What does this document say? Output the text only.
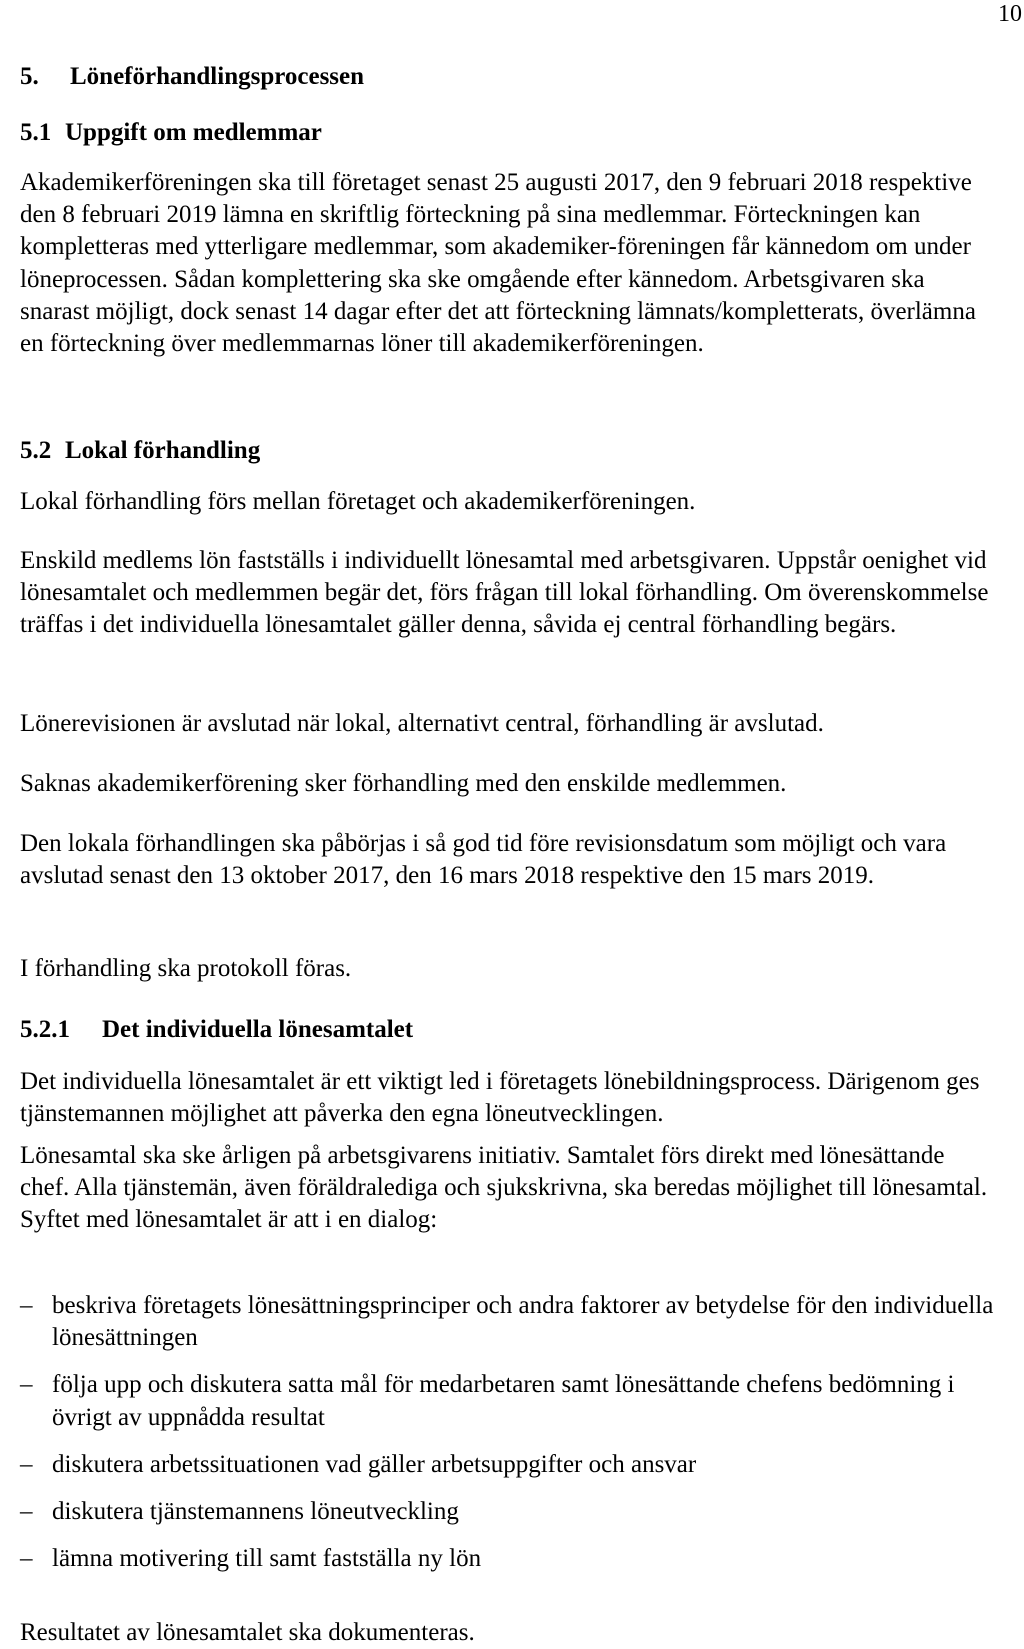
10
5.	Löneförhandlingsprocessen
5.1 Uppgift om medlemmar

Akademikerföreningen ska till företaget senast 25 augusti 2017, den 9 februari 2018 respektive den 8 februari 2019 lämna en skriftlig förteckning på sina medlemmar. Förteckningen kan kompletteras med ytterligare medlemmar, som akademiker-föreningen får kännedom om under löneprocessen. Sådan komplettering ska ske omgående efter kännedom. Arbetsgivaren ska snarast möjligt, dock senast 14 dagar efter det att förteckning lämnats/kompletterats, överlämna en förteckning över medlemmarnas löner till akademikerföreningen.

5.2 Lokal förhandling

Lokal förhandling förs mellan företaget och akademikerföreningen.

Enskild medlems lön fastställs i individuellt lönesamtal med arbetsgivaren. Uppstår oenighet vid lönesamtalet och medlemmen begär det, förs frågan till lokal förhandling. Om överenskommelse träffas i det individuella lönesamtalet gäller denna, såvida ej central förhandling begärs.

Lönerevisionen är avslutad när lokal, alternativt central, förhandling är avslutad.

Saknas akademikerförening sker förhandling med den enskilde medlemmen.

Den lokala förhandlingen ska påbörjas i så god tid före revisionsdatum som möjligt och vara avslutad senast den 13 oktober 2017, den 16 mars 2018 respektive den 15 mars 2019.

I förhandling ska protokoll föras.

5.2.1	Det individuella lönesamtalet

Det individuella lönesamtalet är ett viktigt led i företagets lönebildningsprocess. Därigenom ges tjänstemannen möjlighet att påverka den egna löneutvecklingen.

Lönesamtal ska ske årligen på arbetsgivarens initiativ. Samtalet förs direkt med lönesättande chef. Alla tjänstemän, även föräldralediga och sjukskrivna, ska beredas möjlighet till lönesamtal. Syftet med lönesamtalet är att i en dialog:

– beskriva företagets lönesättningsprinciper och andra faktorer av betydelse för den individuella lönesättningen
– följa upp och diskutera satta mål för medarbetaren samt lönesättande chefens bedömning i övrigt av uppnådda resultat
– diskutera arbetssituationen vad gäller arbetsuppgifter och ansvar
– diskutera tjänstemannens löneutveckling
– lämna motivering till samt fastställa ny lön

Resultatet av lönesamtalet ska dokumenteras.
